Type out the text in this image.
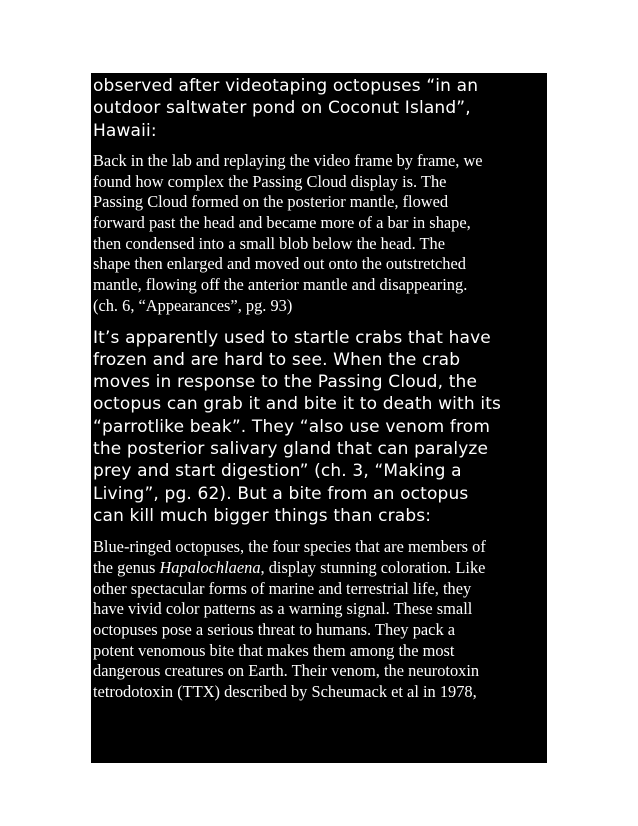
observed after videotaping octopuses “in an
outdoor saltwater pond on Coconut Island”,
Hawaii:

Back in the lab and replaying the video frame by frame, we
found how complex the Passing Cloud display is. The
Passing Cloud formed on the posterior mantle, flowed
forward past the head and became more of a bar in shape,
then condensed into a small blob below the head. The
shape then enlarged and moved out onto the outstretched
mantle, flowing off the anterior mantle and disappearing.
(ch. 6, “Appearances”, pg. 93)

It’s apparently used to startle crabs that have
frozen and are hard to see. When the crab
moves in response to the Passing Cloud, the
octopus can grab it and bite it to death with its
“parrotlike beak”. They “also use venom from
the posterior salivary gland that can paralyze
prey and start digestion” (ch. 3, “Making a
Living”, pg. 62). But a bite from an octopus
can kill much bigger things than crabs:

Blue-ringed octopuses, the four species that are members of
the genus Hapalochlaena, display stunning coloration. Like
other spectacular forms of marine and terrestrial life, they
have vivid color patterns as a warning signal. These small
octopuses pose a serious threat to humans. They pack a
potent venomous bite that makes them among the most
dangerous creatures on Earth. Their venom, the neurotoxin
tetrodotoxin (TTX) described by Scheumack et al in 1978,
